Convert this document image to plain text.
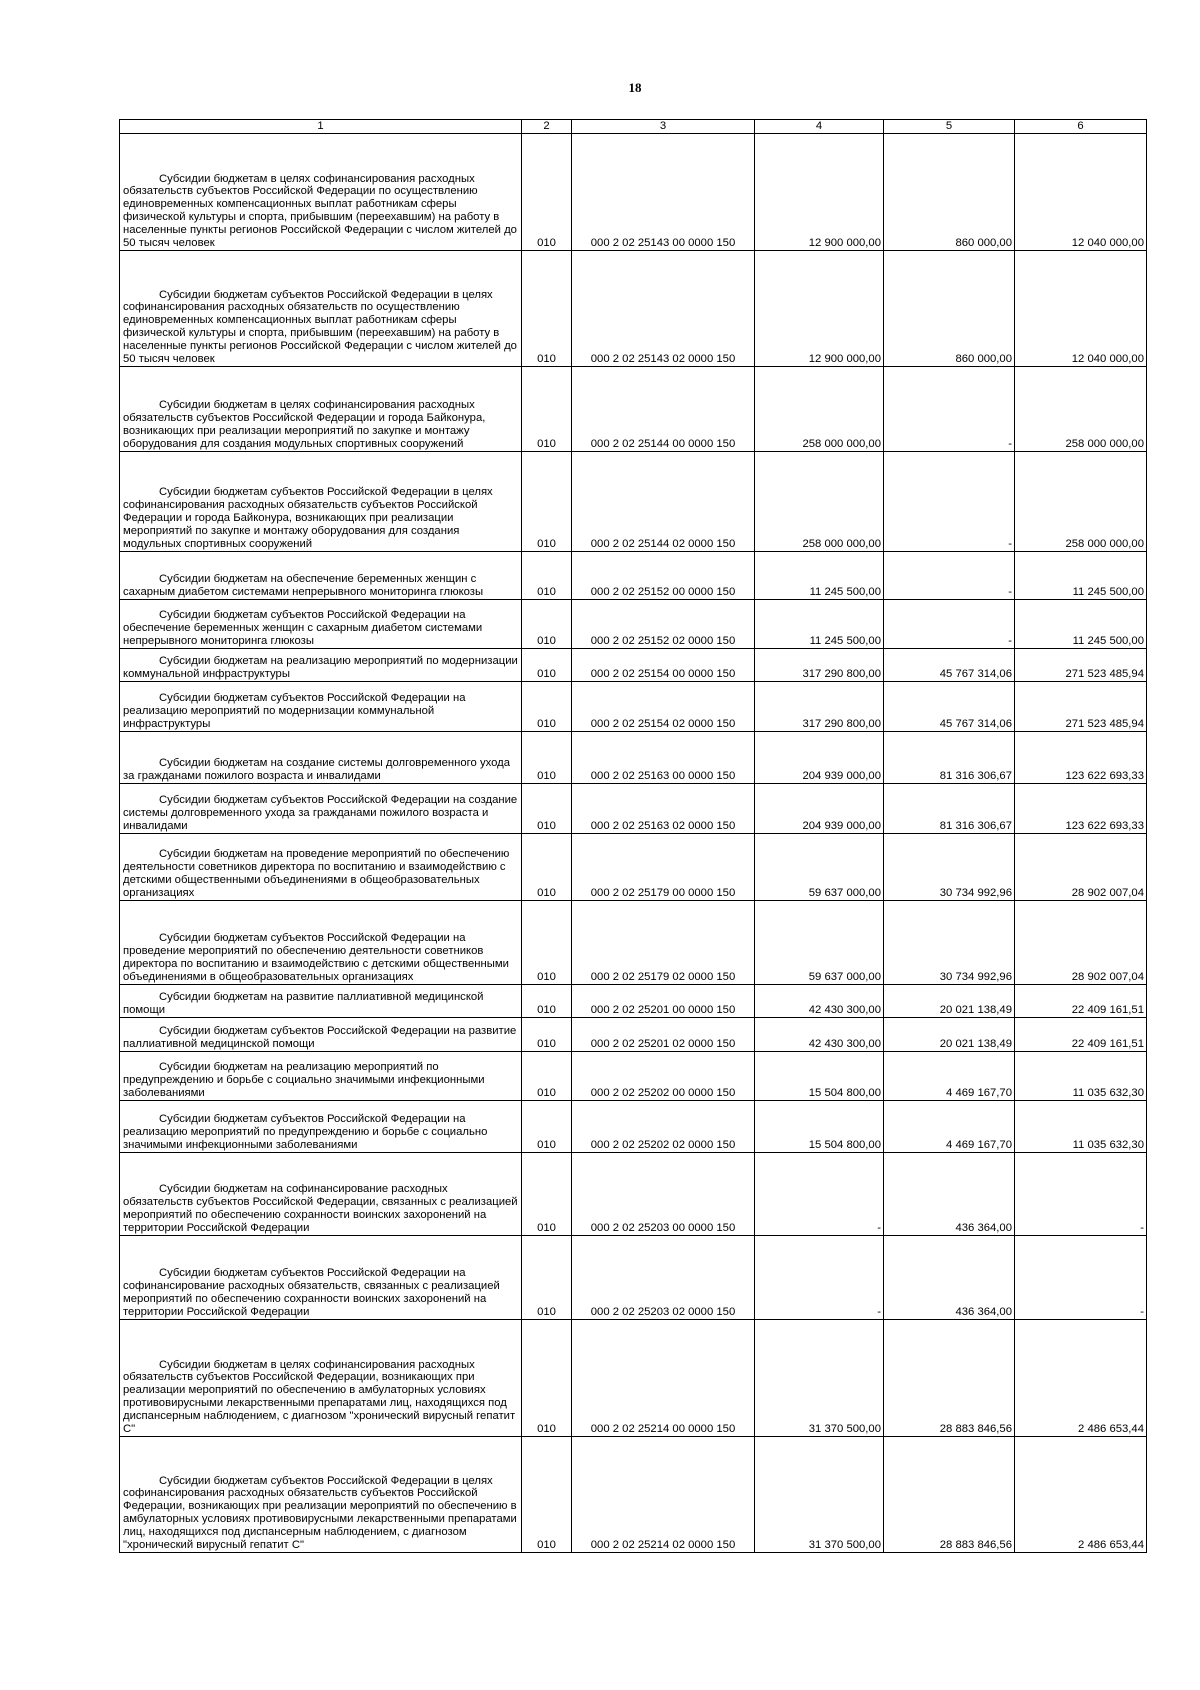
18
1	2	3	4	5	6

Субсидии бюджетам в целях софинансирования расходных обязательств субъектов Российской Федерации по осуществлению единовременных компенсационных выплат работникам сферы физической культуры и спорта, прибывшим (переехавшим) на работу в населенные пункты регионов Российской Федерации с числом жителей до 50 тысяч человек	010	000 2 02 25143 00 0000 150	12 900 000,00	860 000,00	12 040 000,00

Субсидии бюджетам субъектов Российской Федерации в целях софинансирования расходных обязательств по осуществлению единовременных компенсационных выплат работникам сферы физической культуры и спорта, прибывшим (переехавшим) на работу в населенные пункты регионов Российской Федерации с числом жителей до 50 тысяч человек	010	000 2 02 25143 02 0000 150	12 900 000,00	860 000,00	12 040 000,00

Субсидии бюджетам в целях софинансирования расходных обязательств субъектов Российской Федерации и города Байконура, возникающих при реализации мероприятий по закупке и монтажу оборудования для создания модульных спортивных сооружений	010	000 2 02 25144 00 0000 150	258 000 000,00	-	258 000 000,00

Субсидии бюджетам субъектов Российской Федерации в целях софинансирования расходных обязательств субъектов Российской Федерации и города Байконура, возникающих при реализации мероприятий по закупке и монтажу оборудования для создания модульных спортивных сооружений	010	000 2 02 25144 02 0000 150	258 000 000,00	-	258 000 000,00

Субсидии бюджетам на обеспечение беременных женщин с сахарным диабетом системами непрерывного мониторинга глюкозы	010	000 2 02 25152 00 0000 150	11 245 500,00	-	11 245 500,00

Субсидии бюджетам субъектов Российской Федерации на обеспечение беременных женщин с сахарным диабетом системами непрерывного мониторинга глюкозы	010	000 2 02 25152 02 0000 150	11 245 500,00	-	11 245 500,00

Субсидии бюджетам на реализацию мероприятий по модернизации коммунальной инфраструктуры	010	000 2 02 25154 00 0000 150	317 290 800,00	45 767 314,06	271 523 485,94

Субсидии бюджетам субъектов Российской Федерации на реализацию мероприятий по модернизации коммунальной инфраструктуры	010	000 2 02 25154 02 0000 150	317 290 800,00	45 767 314,06	271 523 485,94

Субсидии бюджетам на создание системы долговременного ухода за гражданами пожилого возраста и инвалидами	010	000 2 02 25163 00 0000 150	204 939 000,00	81 316 306,67	123 622 693,33

Субсидии бюджетам субъектов Российской Федерации на создание системы долговременного ухода за гражданами пожилого возраста и инвалидами	010	000 2 02 25163 02 0000 150	204 939 000,00	81 316 306,67	123 622 693,33

Субсидии бюджетам на проведение мероприятий по обеспечению деятельности советников директора по воспитанию и взаимодействию с детскими общественными объединениями в общеобразовательных организациях	010	000 2 02 25179 00 0000 150	59 637 000,00	30 734 992,96	28 902 007,04

Субсидии бюджетам субъектов Российской Федерации на проведение мероприятий по обеспечению деятельности советников директора по воспитанию и взаимодействию с детскими общественными объединениями в общеобразовательных организациях	010	000 2 02 25179 02 0000 150	59 637 000,00	30 734 992,96	28 902 007,04

Субсидии бюджетам на развитие паллиативной медицинской помощи	010	000 2 02 25201 00 0000 150	42 430 300,00	20 021 138,49	22 409 161,51

Субсидии бюджетам субъектов Российской Федерации на развитие паллиативной медицинской помощи	010	000 2 02 25201 02 0000 150	42 430 300,00	20 021 138,49	22 409 161,51

Субсидии бюджетам на реализацию мероприятий по предупреждению и борьбе с социально значимыми инфекционными заболеваниями	010	000 2 02 25202 00 0000 150	15 504 800,00	4 469 167,70	11 035 632,30

Субсидии бюджетам субъектов Российской Федерации на реализацию мероприятий по предупреждению и борьбе с социально значимыми инфекционными заболеваниями	010	000 2 02 25202 02 0000 150	15 504 800,00	4 469 167,70	11 035 632,30

Субсидии бюджетам на софинансирование расходных обязательств субъектов Российской Федерации, связанных с реализацией мероприятий по обеспечению сохранности воинских захоронений на территории Российской Федерации	010	000 2 02 25203 00 0000 150	-	436 364,00	-

Субсидии бюджетам субъектов Российской Федерации на софинансирование расходных обязательств, связанных с реализацией мероприятий по обеспечению сохранности воинских захоронений на территории Российской Федерации	010	000 2 02 25203 02 0000 150	-	436 364,00	-

Субсидии бюджетам в целях софинансирования расходных обязательств субъектов Российской Федерации, возникающих при реализации мероприятий по обеспечению в амбулаторных условиях противовирусными лекарственными препаратами лиц, находящихся под диспансерным наблюдением, с диагнозом "хронический вирусный гепатит С"	010	000 2 02 25214 00 0000 150	31 370 500,00	28 883 846,56	2 486 653,44

Субсидии бюджетам субъектов Российской Федерации в целях софинансирования расходных обязательств субъектов Российской Федерации, возникающих при реализации мероприятий по обеспечению в амбулаторных условиях противовирусными лекарственными препаратами лиц, находящихся под диспансерным наблюдением, с диагнозом "хронический вирусный гепатит С"	010	000 2 02 25214 02 0000 150	31 370 500,00	28 883 846,56	2 486 653,44
